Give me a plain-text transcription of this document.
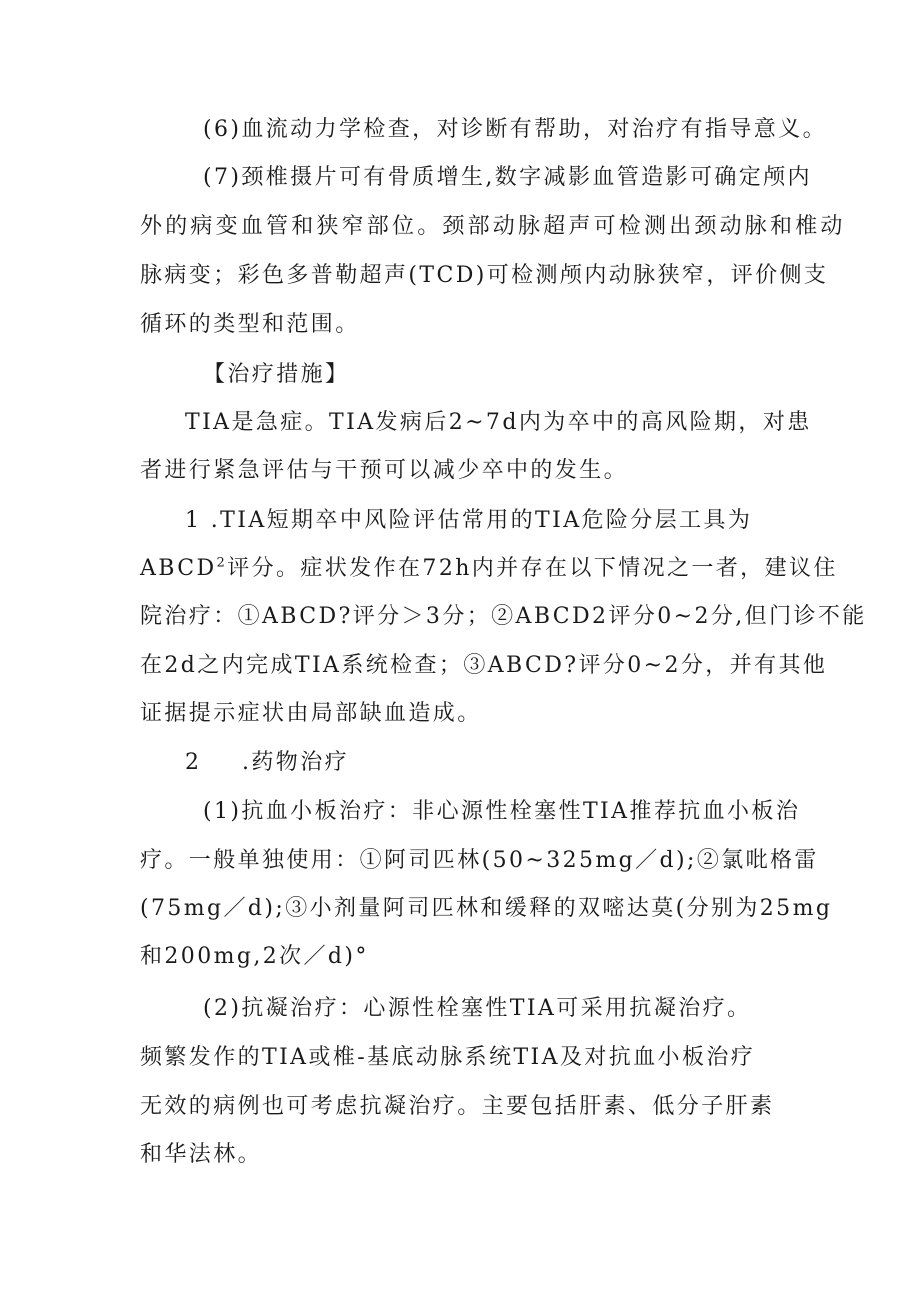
(6)血流动力学检查，对诊断有帮助，对治疗有指导意义。
(7)颈椎摄片可有骨质增生,数字减影血管造影可确定颅内
外的病变血管和狭窄部位。颈部动脉超声可检测出颈动脉和椎动
脉病变；彩色多普勒超声(TCD)可检测颅内动脉狭窄，评价侧支
循环的类型和范围。
【治疗措施】
TIA是急症。TIA发病后2~7d内为卒中的高风险期，对患
者进行紧急评估与干预可以减少卒中的发生。
1 .TIA短期卒中风险评估常用的TIA危险分层工具为
ABCD$^2$评分。症状发作在72h内并存在以下情况之一者，建议住
院治疗：①ABCD?评分＞3分；②ABCD2评分0~2分,但门诊不能
在2d之内完成TIA系统检查；③ABCD?评分0~2分，并有其他
证据提示症状由局部缺血造成。
2 .药物治疗
(1)抗血小板治疗：非心源性栓塞性TIA推荐抗血小板治
疗。一般单独使用：①阿司匹林(50~325mg／d);②氯吡格雷
(75mg／d);③小剂量阿司匹林和缓释的双嘧达莫(分别为25mg
和200mg,2次／d)°
(2)抗凝治疗：心源性栓塞性TIA可采用抗凝治疗。
频繁发作的TIA或椎-基底动脉系统TIA及对抗血小板治疗
无效的病例也可考虑抗凝治疗。主要包括肝素、低分子肝素
和华法林。
